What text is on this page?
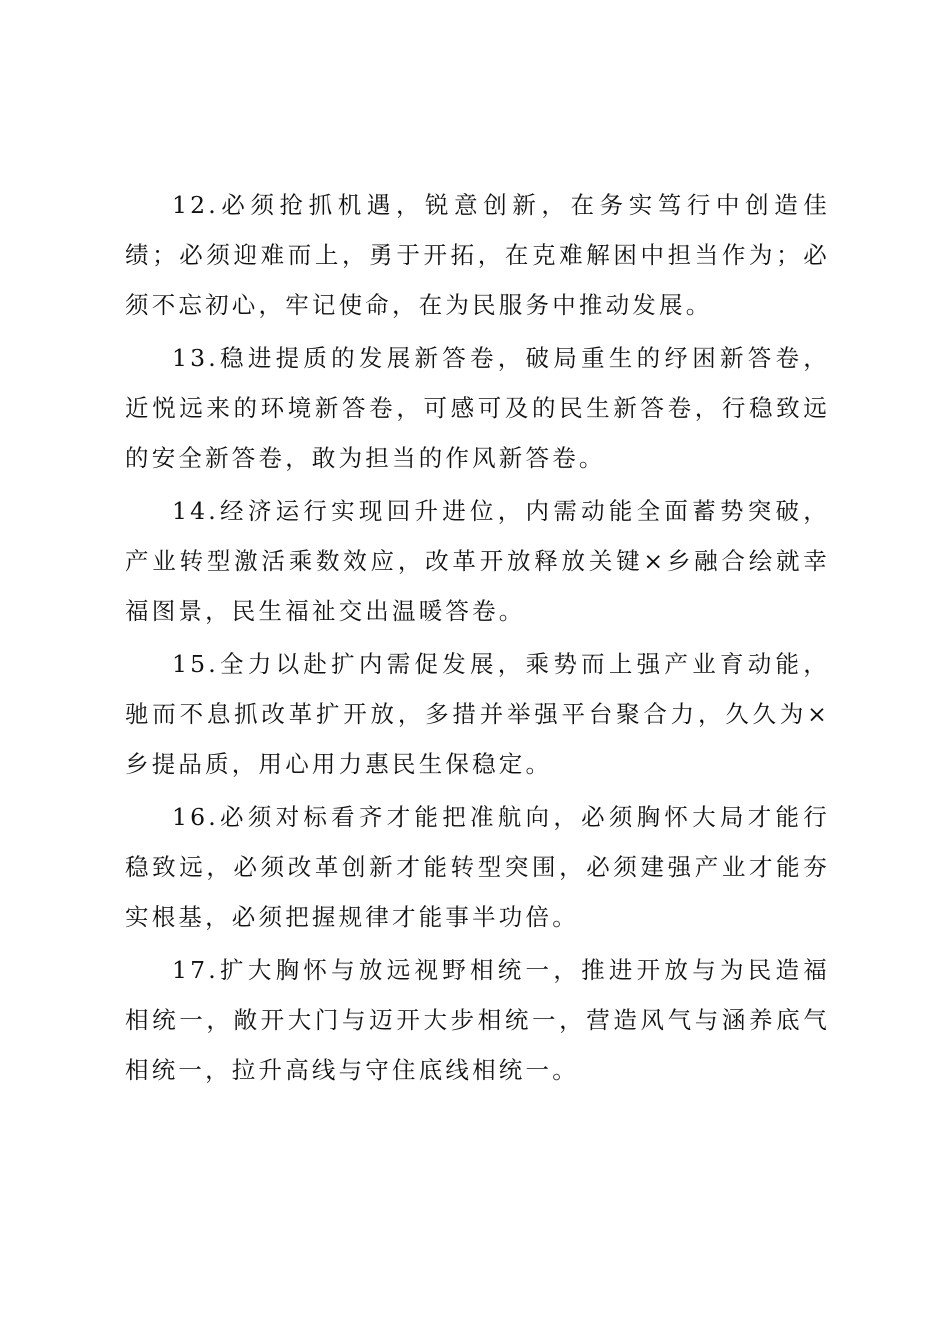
12.必须抢抓机遇，锐意创新，在务实笃行中创造佳绩；必须迎难而上，勇于开拓，在克难解困中担当作为；必须不忘初心，牢记使命，在为民服务中推动发展。

13.稳进提质的发展新答卷，破局重生的纾困新答卷，近悦远来的环境新答卷，可感可及的民生新答卷，行稳致远的安全新答卷，敢为担当的作风新答卷。

14.经济运行实现回升进位，内需动能全面蓄势突破，产业转型激活乘数效应，改革开放释放关键×乡融合绘就幸福图景，民生福祉交出温暖答卷。

15.全力以赴扩内需促发展，乘势而上强产业育动能，驰而不息抓改革扩开放，多措并举强平台聚合力，久久为×乡提品质，用心用力惠民生保稳定。

16.必须对标看齐才能把准航向，必须胸怀大局才能行稳致远，必须改革创新才能转型突围，必须建强产业才能夯实根基，必须把握规律才能事半功倍。

17.扩大胸怀与放远视野相统一，推进开放与为民造福相统一，敞开大门与迈开大步相统一，营造风气与涵养底气相统一，拉升高线与守住底线相统一。
